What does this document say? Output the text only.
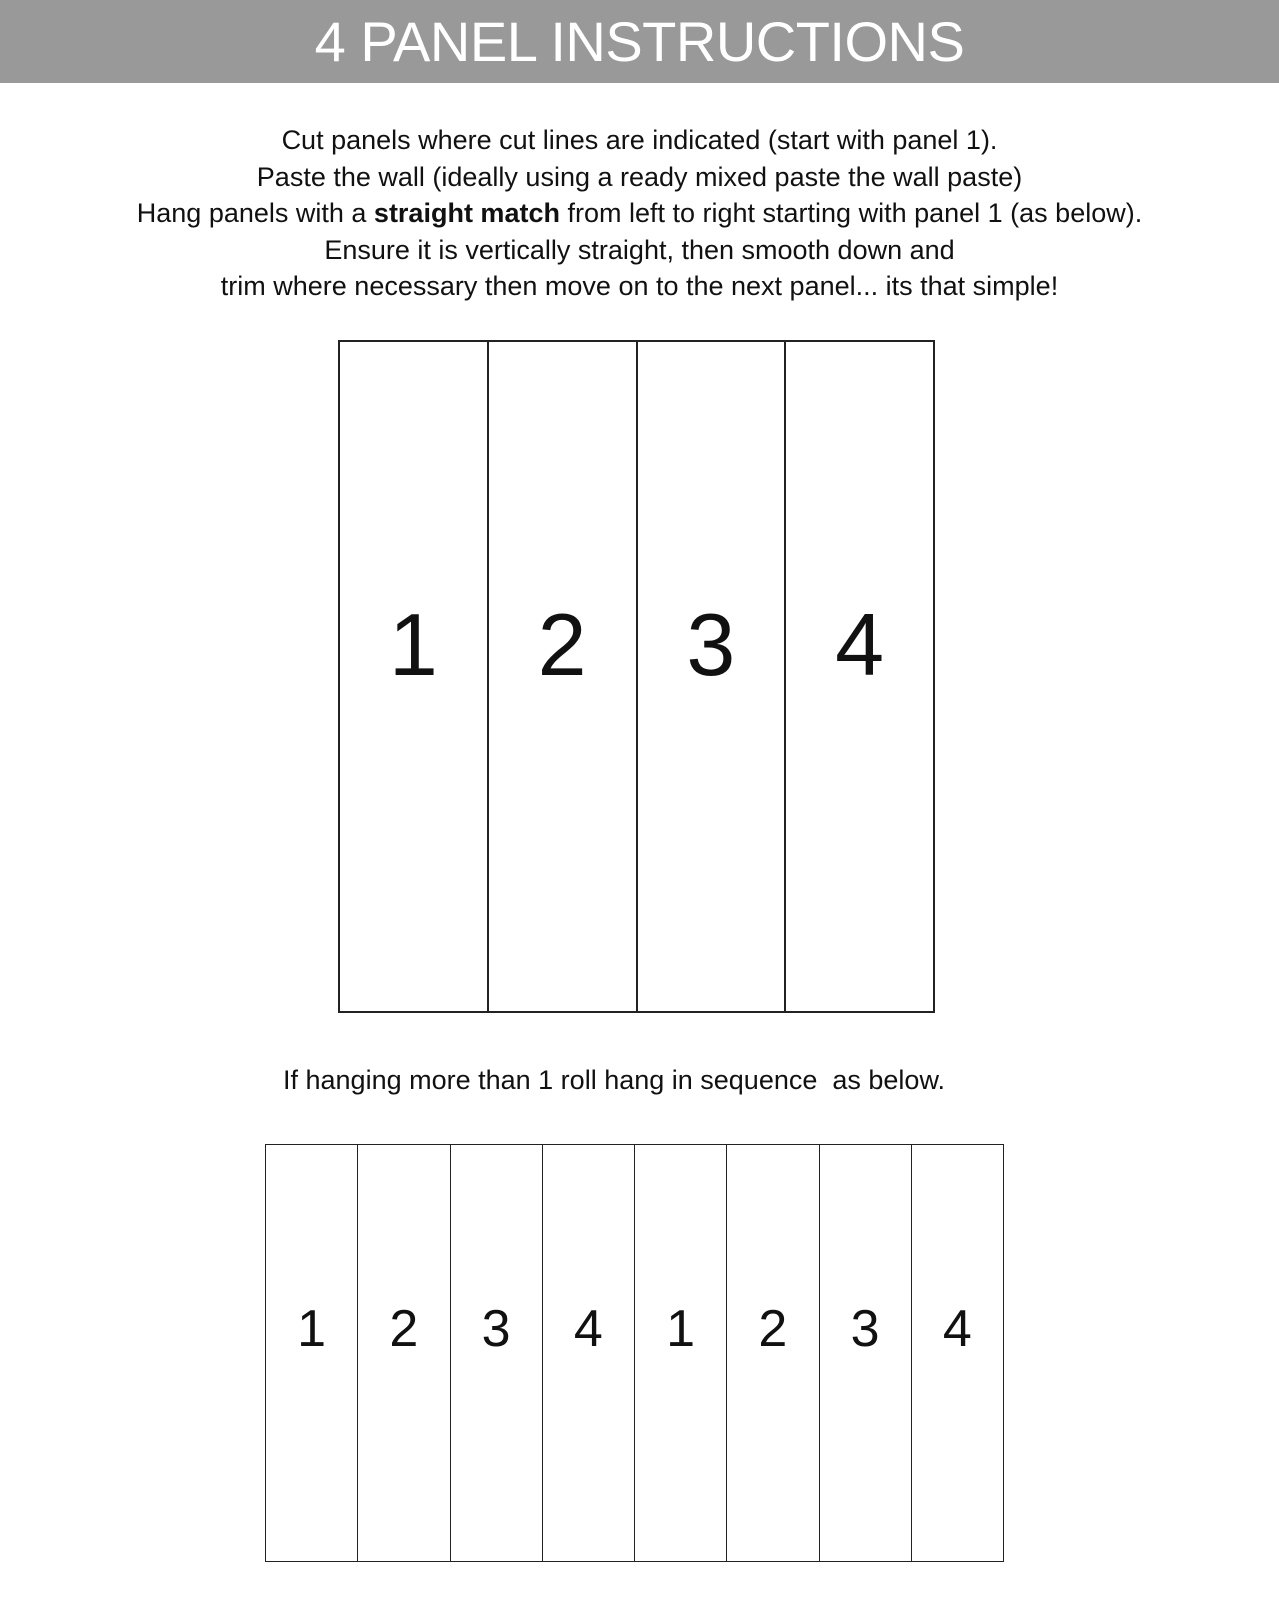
4 PANEL INSTRUCTIONS

Cut panels where cut lines are indicated (start with panel 1).

Paste the wall (ideally using a ready mixed paste the wall paste)

Hang panels with a straight match from left to right starting with panel 1 (as below).

Ensure it is vertically straight, then smooth down and

trim where necessary then move on to the next panel... its that simple!

1 2 3 4
If hanging more than 1 roll hang in sequence  as below.
1 2 3 4 1 2 3 4
